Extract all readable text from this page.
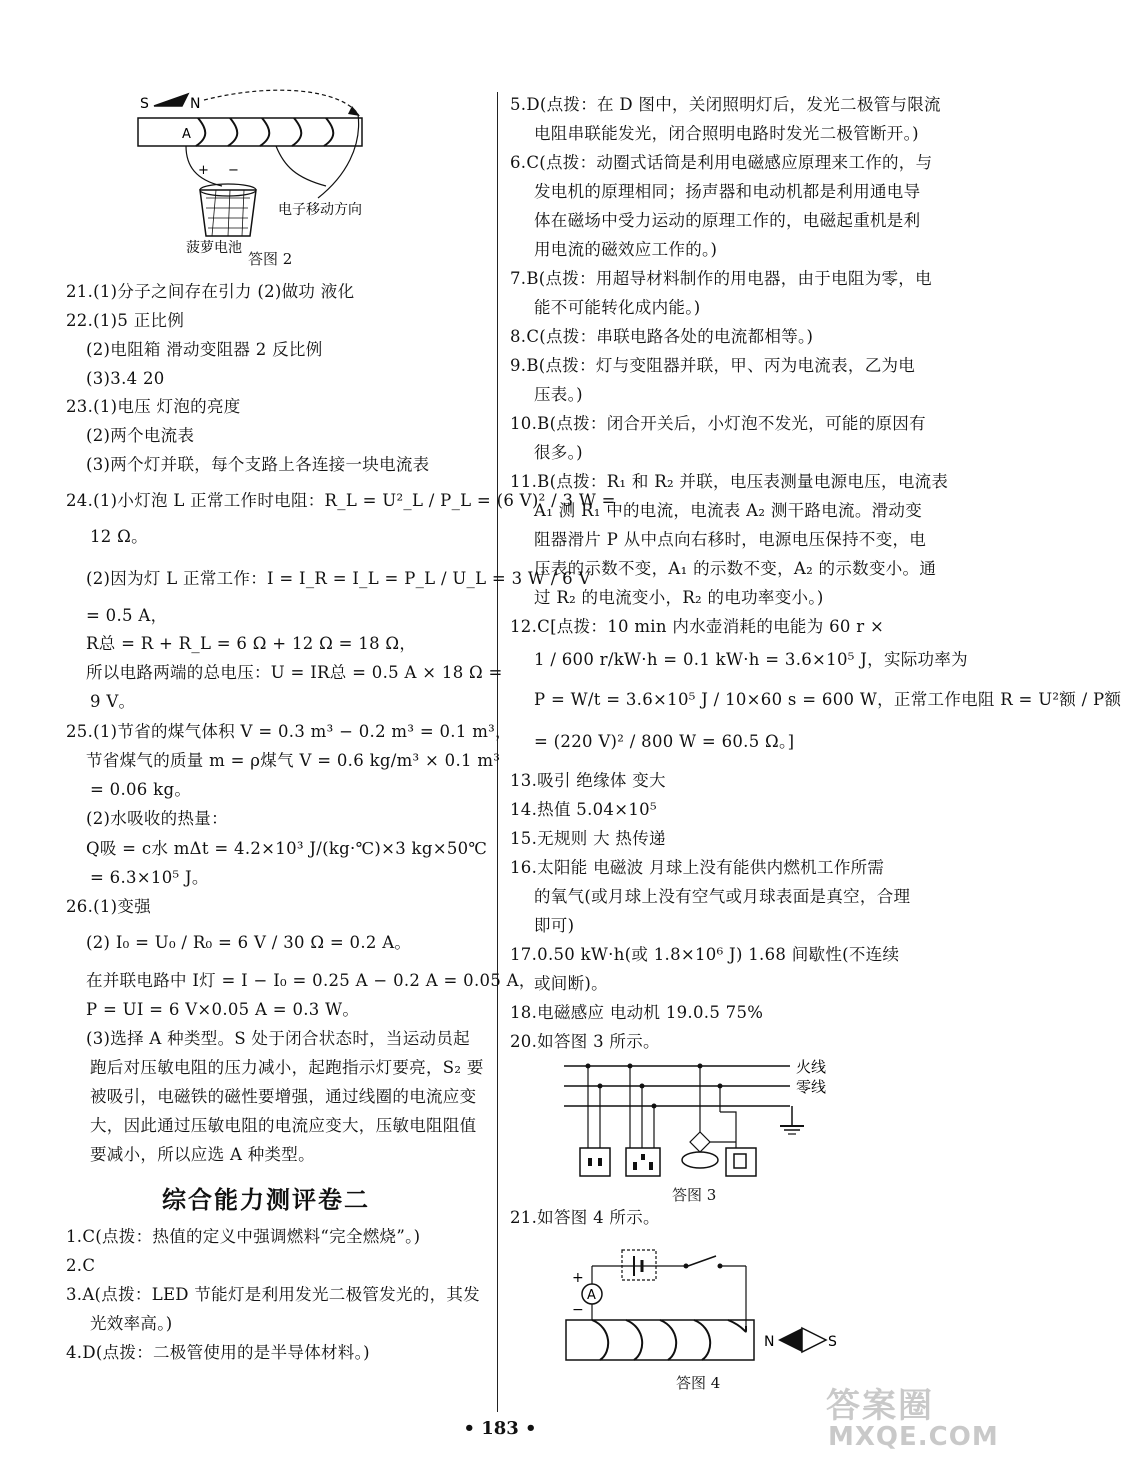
S	N
A
+ −
电子移动方向
菠萝电池
答图 2
21.(1)分子之间存在引力 (2)做功 液化
22.(1)5 正比例
(2)电阻箱 滑动变阻器 2 反比例
(3)3.4 20
23.(1)电压 灯泡的亮度
(2)两个电流表
(3)两个灯并联，每个支路上各连接一块电流表
24.(1)小灯泡 L 正常工作时电阻：R_L = U²_L / P_L = (6 V)² / 3 W =
12 Ω。
(2)因为灯 L 正常工作：I = I_R = I_L = P_L / U_L = 3 W / 6 V
= 0.5 A，
R总 = R + R_L = 6 Ω + 12 Ω = 18 Ω，
所以电路两端的总电压：U = IR总 = 0.5 A × 18 Ω =
9 V。
25.(1)节省的煤气体积 V = 0.3 m³ − 0.2 m³ = 0.1 m³，
节省煤气的质量 m = ρ煤气 V = 0.6 kg/m³ × 0.1 m³
= 0.06 kg。
(2)水吸收的热量：
Q吸 = c水 mΔt = 4.2×10³ J/(kg·℃)×3 kg×50℃
= 6.3×10⁵ J。
26.(1)变强
(2) I₀ = U₀ / R₀ = 6 V / 30 Ω = 0.2 A。
在并联电路中 I灯 = I − I₀ = 0.25 A − 0.2 A = 0.05 A，
P = UI = 6 V×0.05 A = 0.3 W。
(3)选择 A 种类型。S 处于闭合状态时，当运动员起
跑后对压敏电阻的压力减小，起跑指示灯要亮，S₂ 要
被吸引，电磁铁的磁性要增强，通过线圈的电流应变
大，因此通过压敏电阻的电流应变大，压敏电阻阻值
要减小，所以应选 A 种类型。
综合能力测评卷二
1.C(点拨：热值的定义中强调燃料“完全燃烧”。)
2.C
3.A(点拨：LED 节能灯是利用发光二极管发光的，其发
光效率高。)
4.D(点拨：二极管使用的是半导体材料。)
5.D(点拨：在 D 图中，关闭照明灯后，发光二极管与限流
电阻串联能发光，闭合照明电路时发光二极管断开。)
6.C(点拨：动圈式话筒是利用电磁感应原理来工作的，与
发电机的原理相同；扬声器和电动机都是利用通电导
体在磁场中受力运动的原理工作的，电磁起重机是利
用电流的磁效应工作的。)
7.B(点拨：用超导材料制作的用电器，由于电阻为零，电
能不可能转化成内能。)
8.C(点拨：串联电路各处的电流都相等。)
9.B(点拨：灯与变阻器并联，甲、丙为电流表，乙为电
压表。)
10.B(点拨：闭合开关后，小灯泡不发光，可能的原因有
很多。)
11.B(点拨：R₁ 和 R₂ 并联，电压表测量电源电压，电流表
A₁ 测 R₁ 中的电流，电流表 A₂ 测干路电流。滑动变
阻器滑片 P 从中点向右移时，电源电压保持不变，电
压表的示数不变，A₁ 的示数不变，A₂ 的示数变小。通
过 R₂ 的电流变小，R₂ 的电功率变小。)
12.C[点拨：10 min 内水壶消耗的电能为 60 r ×
1 / 600 r/kW·h = 0.1 kW·h = 3.6×10⁵ J，实际功率为
P = W/t = 3.6×10⁵ J / 10×60 s = 600 W，正常工作电阻 R = U²额 / P额
= (220 V)² / 800 W = 60.5 Ω。]
13.吸引 绝缘体 变大
14.热值 5.04×10⁵
15.无规则 大 热传递
16.太阳能 电磁波 月球上没有能供内燃机工作所需
的氧气(或月球上没有空气或月球表面是真空，合理
即可)
17.0.50 kW·h(或 1.8×10⁶ J) 1.68 间歇性(不连续
或间断)。
18.电磁感应 电动机 19.0.5 75%
20.如答图 3 所示。
火线
零线
答图 3
21.如答图 4 所示。
A
+
−
N	S
答图 4
• 183 •
答案圈
MXQE.COM
